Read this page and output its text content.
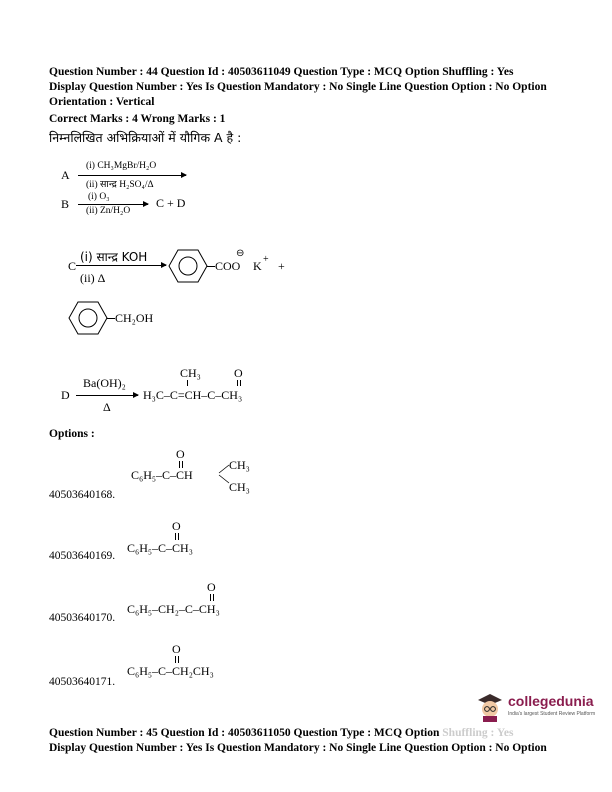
Question Number : 44 Question Id : 40503611049 Question Type : MCQ Option Shuffling : Yes
Display Question Number : Yes Is Question Mandatory : No Single Line Question Option : No Option
Orientation : Vertical
Correct Marks : 4 Wrong Marks : 1
निम्नलिखित अभिक्रियाओं में यौगिक A है :
A
(i) CH₃MgBr/H₂O
(ii) सान्द्र H₂SO₄/Δ
B (i) O₃
(ii) Zn/H₂O
C + D
C
(i) सान्द्र KOH
(ii) Δ
COO
⊖
K + +
CH₂OH
D
Ba(OH)₂
Δ
CH₃	O
H₃C–C=CH–C–CH₃
Options :
O
C₆H₅–C–CH
CH₃
CH₃
40503640168.
O
C₆H₅–C–CH₃
40503640169.
O
C₆H₅–CH₂–C–CH₃
40503640170.
O
C₆H₅–C–CH₂CH₃
40503640171.
collegedunia
India's largest Student Review Platform
Question Number : 45 Question Id : 40503611050 Question Type : MCQ Option Shuffling : Yes
Display Question Number : Yes Is Question Mandatory : No Single Line Question Option : No Option
